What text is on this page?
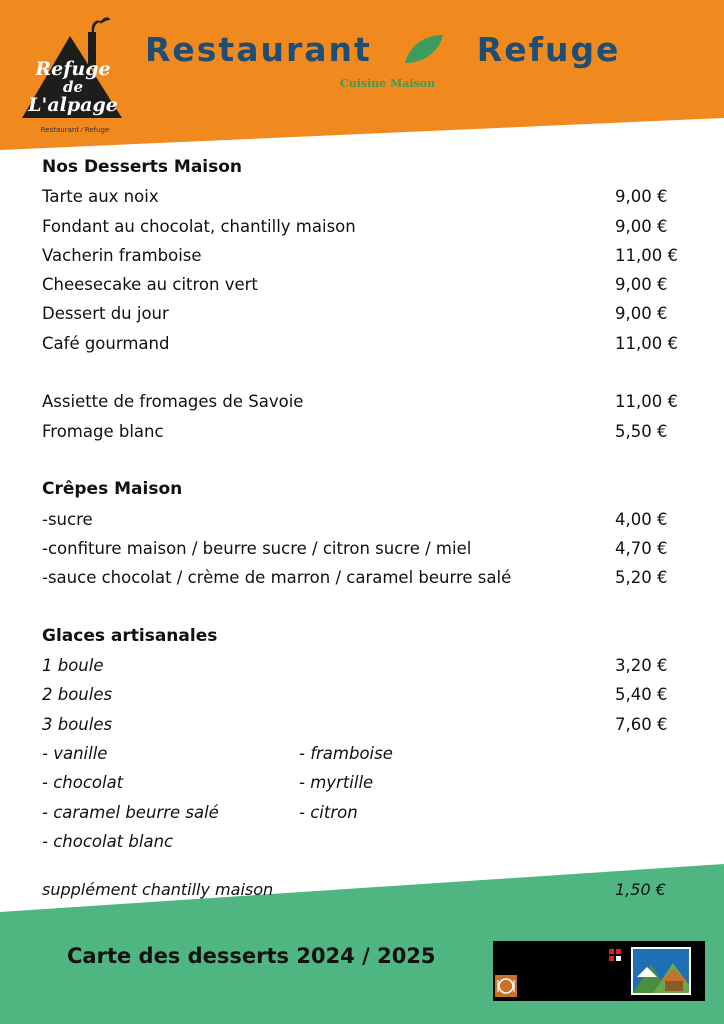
Refuge
de
L'alpage
Restaurant ⁄ Refuge
Restaurant	Refuge
Cuisine Maison
Nos Desserts Maison
Tarte aux noix	9,00 €
Fondant au chocolat, chantilly maison	9,00 €
Vacherin framboise	11,00 €
Cheesecake au citron vert	9,00 €
Dessert du jour	9,00 €
Café gourmand	11,00 €
Assiette de fromages de Savoie	11,00 €
Fromage blanc	5,50 €
Crêpes Maison
-sucre	4,00 €
-confiture maison / beurre sucre / citron sucre / miel	4,70 €
-sauce chocolat / crème de marron / caramel beurre salé	5,20 €
Glaces artisanales
1 boule	3,20 €
2 boules	5,40 €
3 boules	7,60 €
- vanille	- framboise
- chocolat	- myrtille
- caramel beurre salé	- citron
- chocolat blanc
supplément chantilly maison	1,50 €
Carte des desserts 2024 / 2025
